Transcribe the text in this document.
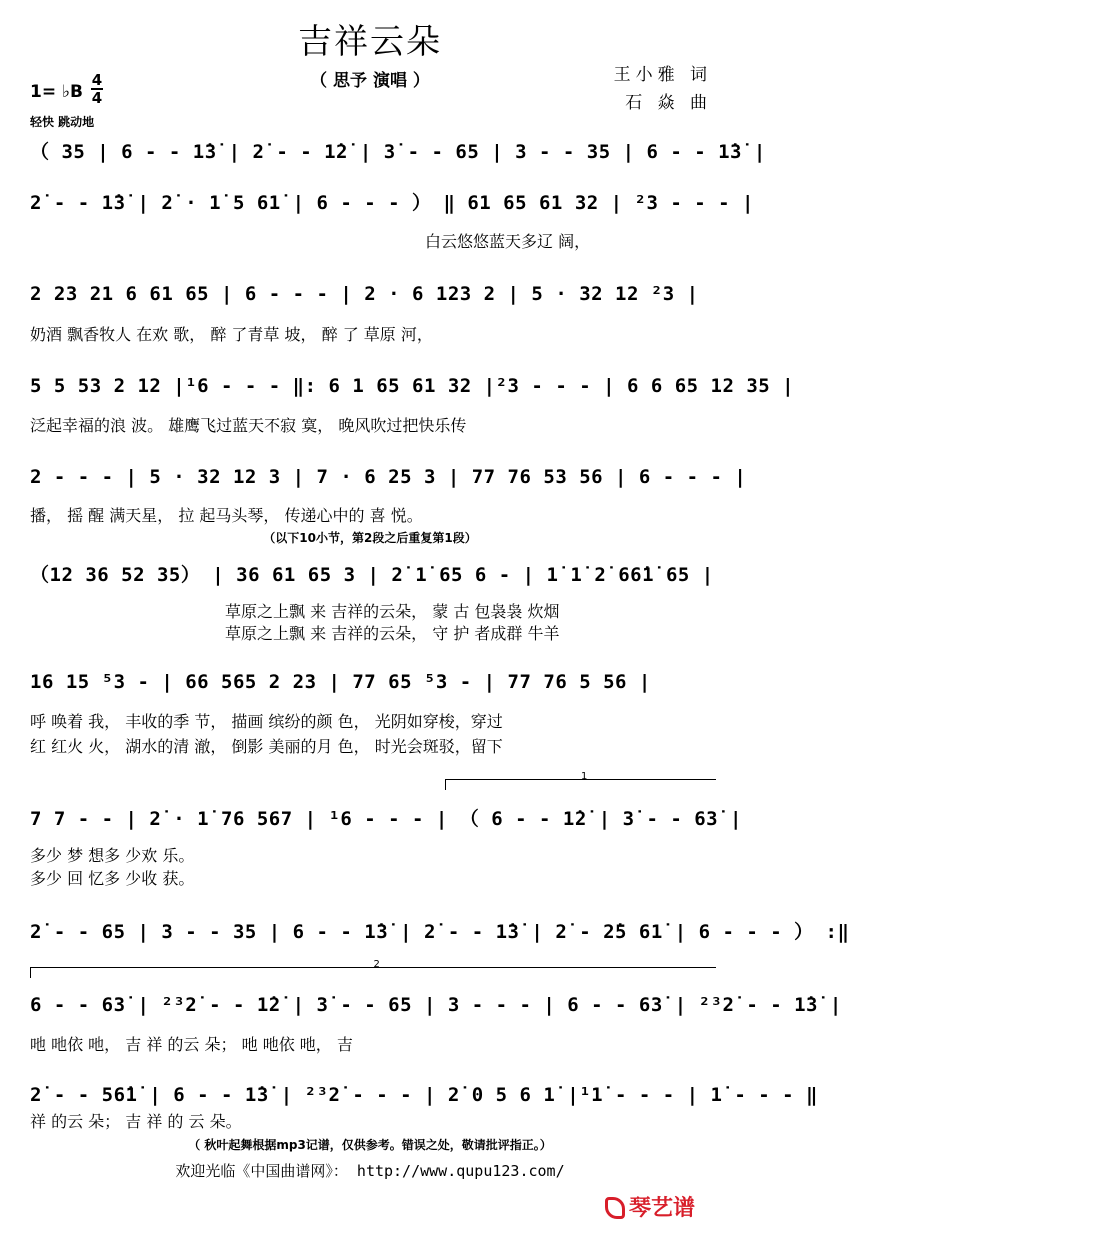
吉祥云朵
（ 思予 演唱 ）	王小雅 词
石 焱 曲
1= ♭B
4
4
轻快 跳动地
（ 35 | 6 - - 1̇3̇ | 2̇ - - 1̇2̇ | 3̇ - - 65 | 3 - - 35 | 6 - - 1̇3̇ |
2̇ - - 1̇3̇ | 2̇ · 1̇ 5 61̇ | 6 - - - ） ‖ 61 65 61 32 | ²3 - - - |
白云悠悠蓝天多辽 阔，
2 23 21 6 61 65 | 6 - - - | 2 · 6 123 2 | 5 · 32 12 ²3 |
奶酒 飘香牧人 在欢 歌， 醉 了青草 坡， 醉 了 草原 河，
5 5 53 2 12 |¹6 - - - ‖: 6 1 65 61 32 |²3 - - - | 6 6 65 12 35 |
泛起幸福的浪 波。 雄鹰飞过蓝天不寂 寞， 晚风吹过把快乐传
2 - - - | 5 · 32 12 3 | 7 · 6 25 3 | 77 76 53 56 | 6 - - - |
播， 摇 醒 满天星， 拉 起马头琴， 传递心中的 喜 悦。
（12 36 52 35） | 36 61 65 3 | 2̇ 1̇ 65 6 - | 1̇ 1̇ 2̇ 66̇1̇ 65 |
草原之上飘 来 吉祥的云朵， 蒙 古 包袅袅 炊烟
草原之上飘 来 吉祥的云朵， 守 护 者成群 牛羊
16 15 ⁵3 - | 66 565 2 23 | 77 65 ⁵3 - | 77 76 5 56 |
呼 唤着 我， 丰收的季 节， 描画 缤纷的颜 色， 光阴如穿梭，穿过
红 红火 火， 湖水的清 澈， 倒影 美丽的月 色， 时光会斑驳，留下
7 7 - - | 2̇ · 1̇ 76 567 | ¹6 - - - | （ 6 - - 1̇2̇ | 3̇ - - 63̇ |
多少 梦 想多 少欢 乐。
多少 回 忆多 少收 获。
2̇ - - 65 | 3 - - 35 | 6 - - 1̇3̇ | 2̇ - - 1̇3̇ | 2̇ - 2̇5 61̇ | 6 - - - ） :‖
6 - - 63̇ | ²³2̇ - - 1̇2̇ | 3̇ - - 65 | 3 - - - | 6 - - 63̇ | ²³2̇ - - 1̇3̇ |
吔 吔依 吔， 吉 祥 的云 朵； 吔 吔依 吔， 吉
2̇ - - 56̇1̇ | 6 - - 1̇3̇ | ²³2̇ - - - | 2̇ 0 5 6 1̇ |¹1̇ - - - | 1̇ - - - ‖
祥 的云 朵； 吉 祥 的 云 朵。
（以下10小节，第2段之后重复第1段）
1
2
（ 秋叶起舞根据mp3记谱，仅供参考。错误之处，敬请批评指正。）
欢迎光临《中国曲谱网》： http://www.qupu123.com/
琴艺谱
